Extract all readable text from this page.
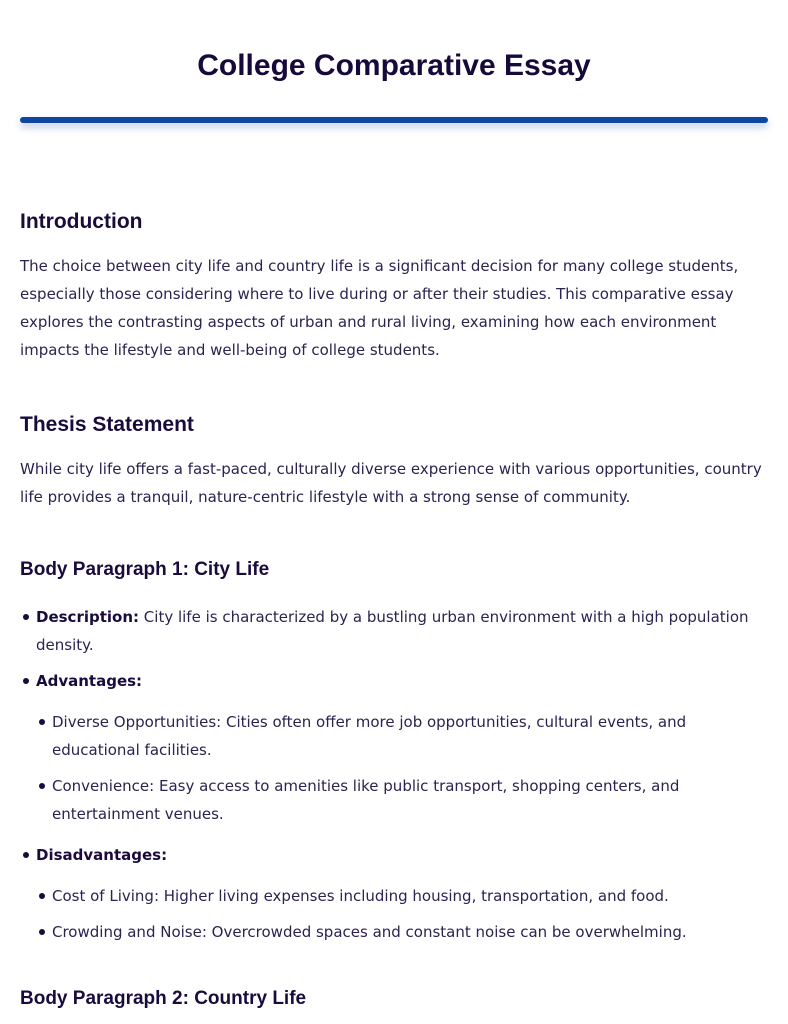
College Comparative Essay
Introduction

The choice between city life and country life is a significant decision for many college students, especially those considering where to live during or after their studies. This comparative essay explores the contrasting aspects of urban and rural living, examining how each environment impacts the lifestyle and well-being of college students.

Thesis Statement

While city life offers a fast-paced, culturally diverse experience with various opportunities, country life provides a tranquil, nature-centric lifestyle with a strong sense of community.

Body Paragraph 1: City Life
Description: City life is characterized by a bustling urban environment with a high population density.
Advantages:
Diverse Opportunities: Cities often offer more job opportunities, cultural events, and educational facilities.
Convenience: Easy access to amenities like public transport, shopping centers, and entertainment venues.
Disadvantages:
Cost of Living: Higher living expenses including housing, transportation, and food.
Crowding and Noise: Overcrowded spaces and constant noise can be overwhelming.
Body Paragraph 2: Country Life
